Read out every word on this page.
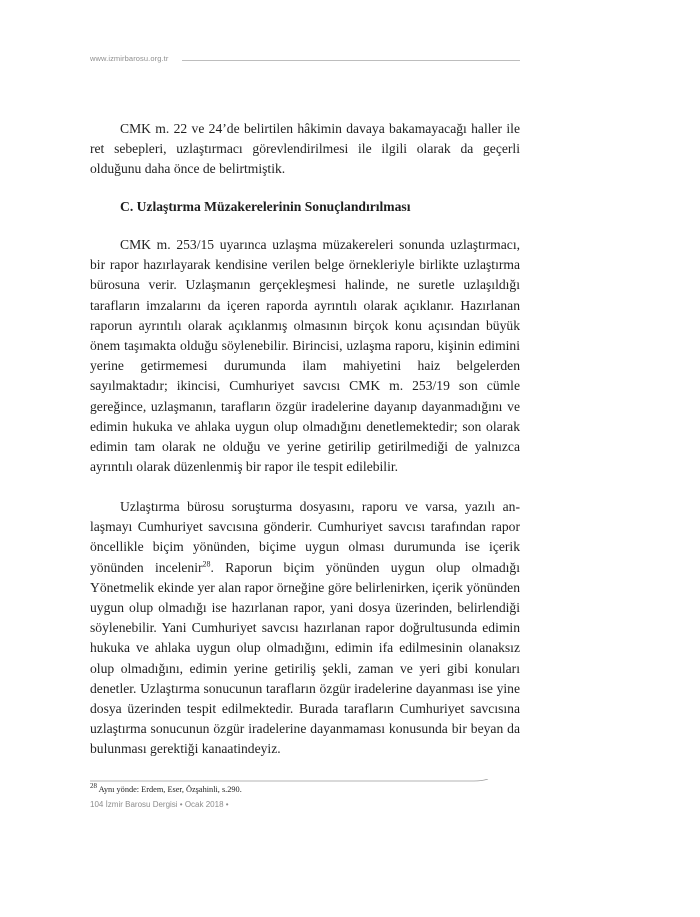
www.izmirbarosu.org.tr

CMK m. 22 ve 24’de belirtilen hâkimin davaya bakamayacağı haller ile ret sebepleri, uzlaştırmacı görevlendirilmesi ile ilgili olarak da geçerli olduğunu daha önce de belirtmiştik.

C. Uzlaştırma Müzakerelerinin Sonuçlandırılması

CMK m. 253/15 uyarınca uzlaşma müzakereleri sonunda uzlaştırmacı, bir rapor hazırlayarak kendisine verilen belge örnekleriyle birlikte uzlaştırma bürosuna verir. Uzlaşmanın gerçekleşmesi halinde, ne suretle uzlaşıldığı tarafların imzalarını da içeren raporda ayrıntılı olarak açıklanır. Hazırlanan raporun ayrıntılı olarak açıklanmış olmasının birçok konu açısından büyük önem taşımakta olduğu söylenebilir. Birincisi, uzlaşma raporu, kişinin edimini yerine getirmemesi durumunda ilam mahiyetini haiz belgelerden sayılmaktadır; ikincisi, Cumhuriyet savcısı CMK m. 253/19 son cümle gereğince, uzlaşmanın, tarafların özgür iradelerine dayanıp dayanmadığını ve edimin hukuka ve ahlaka uygun olup olmadığını denetlemektedir; son olarak edimin tam olarak ne olduğu ve yerine getirilip getirilmediği de yalnızca ayrıntılı olarak düzenlenmiş bir rapor ile tespit edilebilir.

Uzlaştırma bürosu soruşturma dosyasını, raporu ve varsa, yazılı anlaşmayı Cumhuriyet savcısına gönderir. Cumhuriyet savcısı tarafından rapor öncellikle biçim yönünden, biçime uygun olması durumunda ise içerik yönünden incelenir$^{28}$. Raporun biçim yönünden uygun olup olmadığı Yönetmelik ekinde yer alan rapor örneğine göre belirlenirken, içerik yönünden uygun olup olmadığı ise hazırlanan rapor, yani dosya üzerinden, belirlendiği söylenebilir. Yani Cumhuriyet savcısı hazırlanan rapor doğrultusunda edimin hukuka ve ahlaka uygun olup olmadığını, edimin ifa edilmesinin olanaksız olup olmadığını, edimin yerine getiriliş şekli, zaman ve yeri gibi konuları denetler. Uzlaştırma sonucunun tarafların özgür iradelerine dayanması ise yine dosya üzerinden tespit edilmektedir. Burada tarafların Cumhuriyet savcısına uzlaştırma sonucunun özgür iradelerine dayanmaması konusunda bir beyan da bulunması gerektiği kanaatindeyiz.

$^{28}$ Aynı yönde: Erdem, Eser, Özşahinli, s.290.
104 İzmir Barosu Dergisi • Ocak 2018 •
